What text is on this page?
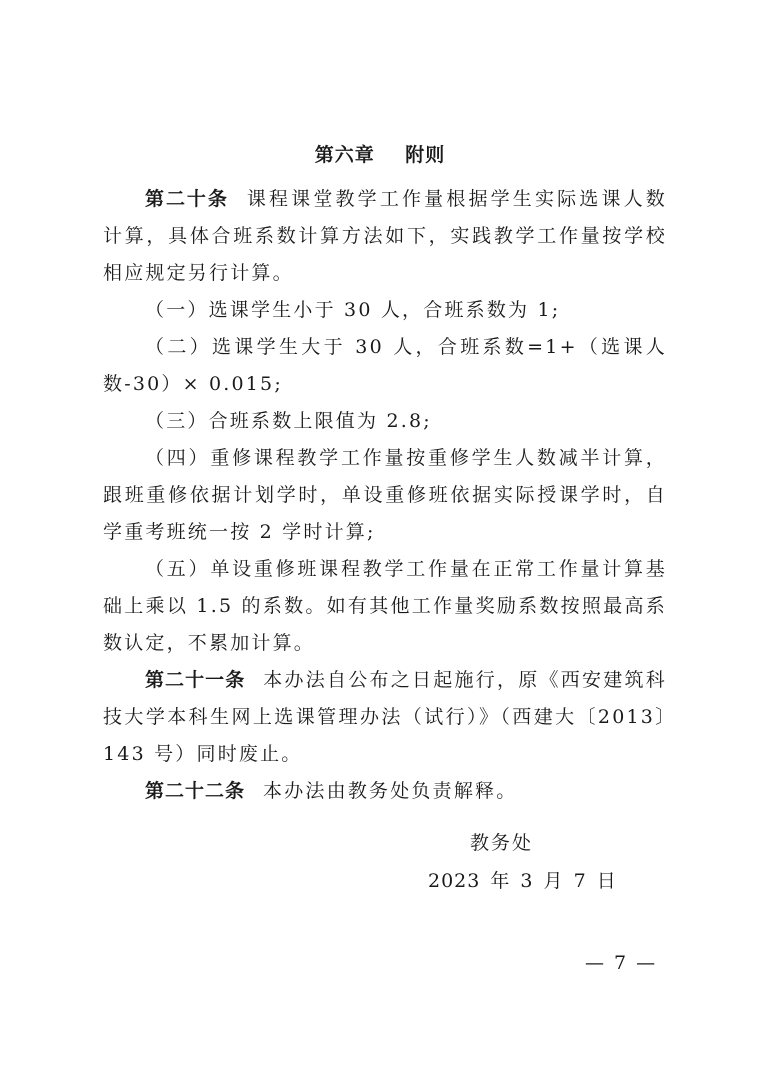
第六章    附则

第二十条 课程课堂教学工作量根据学生实际选课人数计算，具体合班系数计算方法如下，实践教学工作量按学校相应规定另行计算。

（一）选课学生小于 30 人，合班系数为 1;

（二）选课学生大于 30 人，合班系数=1+（选课人数-30）× 0.015;

（三）合班系数上限值为 2.8;

（四）重修课程教学工作量按重修学生人数减半计算，跟班重修依据计划学时，单设重修班依据实际授课学时，自学重考班统一按 2 学时计算;

（五）单设重修班课程教学工作量在正常工作量计算基础上乘以 1.5 的系数。如有其他工作量奖励系数按照最高系数认定，不累加计算。

第二十一条 本办法自公布之日起施行，原《西安建筑科技大学本科生网上选课管理办法（试行）》（西建大〔2013〕143 号）同时废止。

第二十二条 本办法由教务处负责解释。

教务处
2023 年 3 月 7 日
— 7 —
